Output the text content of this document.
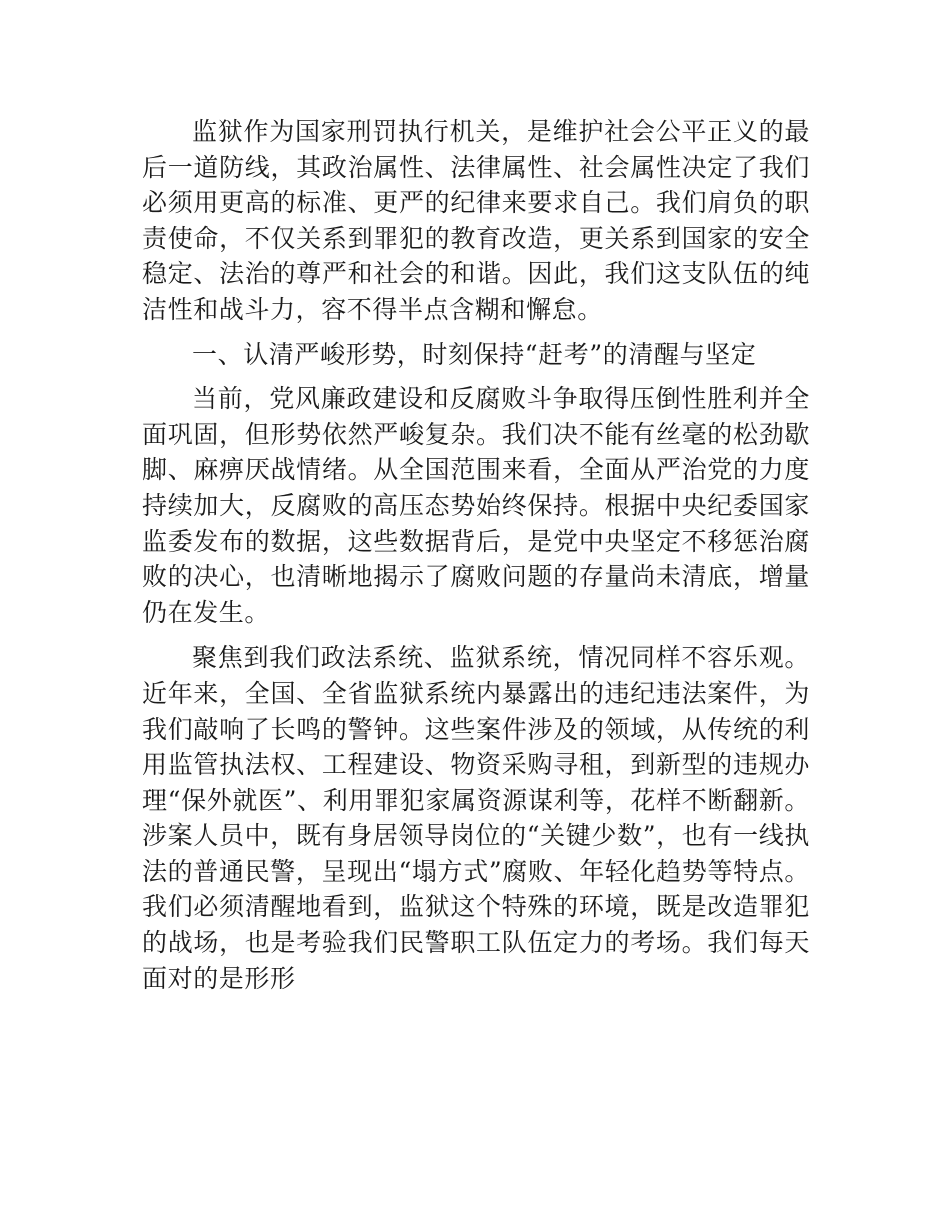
监狱作为国家刑罚执行机关，是维护社会公平正义的最后一道防线，其政治属性、法律属性、社会属性决定了我们必须用更高的标准、更严的纪律来要求自己。我们肩负的职责使命，不仅关系到罪犯的教育改造，更关系到国家的安全稳定、法治的尊严和社会的和谐。因此，我们这支队伍的纯洁性和战斗力，容不得半点含糊和懈怠。

一、认清严峻形势，时刻保持“赶考”的清醒与坚定

当前，党风廉政建设和反腐败斗争取得压倒性胜利并全面巩固，但形势依然严峻复杂。我们决不能有丝毫的松劲歇脚、麻痹厌战情绪。从全国范围来看，全面从严治党的力度持续加大，反腐败的高压态势始终保持。根据中央纪委国家监委发布的数据，这些数据背后，是党中央坚定不移惩治腐败的决心，也清晰地揭示了腐败问题的存量尚未清底，增量仍在发生。

聚焦到我们政法系统、监狱系统，情况同样不容乐观。近年来，全国、全省监狱系统内暴露出的违纪违法案件，为我们敲响了长鸣的警钟。这些案件涉及的领域，从传统的利用监管执法权、工程建设、物资采购寻租，到新型的违规办理“保外就医”、利用罪犯家属资源谋利等，花样不断翻新。涉案人员中，既有身居领导岗位的“关键少数”，也有一线执法的普通民警，呈现出“塌方式”腐败、年轻化趋势等特点。我们必须清醒地看到，监狱这个特殊的环境，既是改造罪犯的战场，也是考验我们民警职工队伍定力的考场。我们每天面对的是形形
